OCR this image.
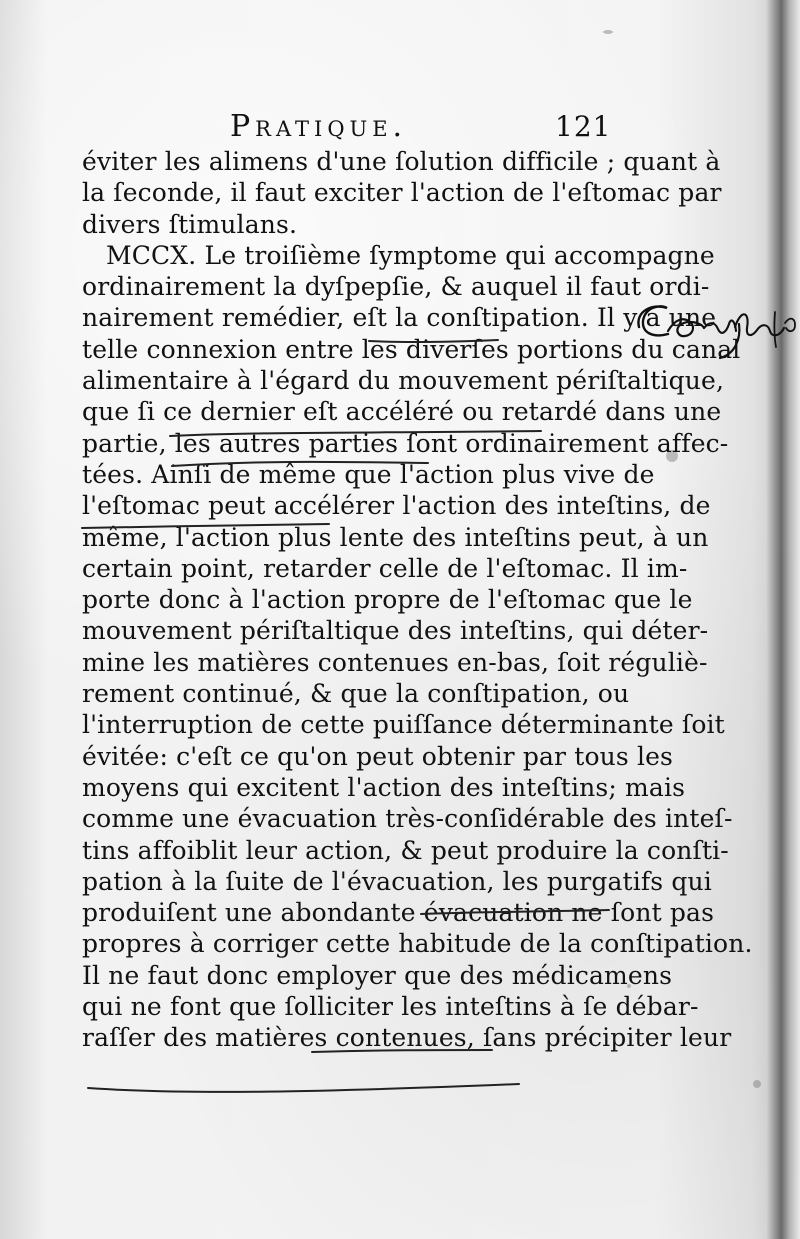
Pratique.	121
éviter les alimens d'une ſolution difficile ; quant à
la ſeconde, il faut exciter l'action de l'eſtomac par
divers ſtimulans.
MCCX. Le troiſième ſymptome qui accompagne
ordinairement la dyſpepſie, & auquel il faut ordi-
nairement remédier, eſt la conſtipation. Il y a une
telle connexion entre les diverſes portions du canal
alimentaire à l'égard du mouvement périſtaltique,
que ſi ce dernier eſt accéléré ou retardé dans une
partie, les autres parties ſont ordinairement affec-
tées. Ainſi de même que l'action plus vive de
l'eſtomac peut accélérer l'action des inteſtins, de
même, l'action plus lente des inteſtins peut, à un
certain point, retarder celle de l'eſtomac. Il im-
porte donc à l'action propre de l'eſtomac que le
mouvement périſtaltique des inteſtins, qui déter-
mine les matières contenues en-bas, ſoit réguliè-
rement continué, & que la conſtipation, ou
l'interruption de cette puiſſance déterminante ſoit
évitée: c'eſt ce qu'on peut obtenir par tous les
moyens qui excitent l'action des inteſtins; mais
comme une évacuation très-conſidérable des inteſ-
tins affoiblit leur action, & peut produire la conſti-
pation à la ſuite de l'évacuation, les purgatifs qui
produiſent une abondante évacuation ne ſont pas
propres à corriger cette habitude de la conſtipation.
Il ne faut donc employer que des médicamens
qui ne font que ſolliciter les inteſtins à ſe débar-
raſſer des matières contenues, ſans précipiter leur
